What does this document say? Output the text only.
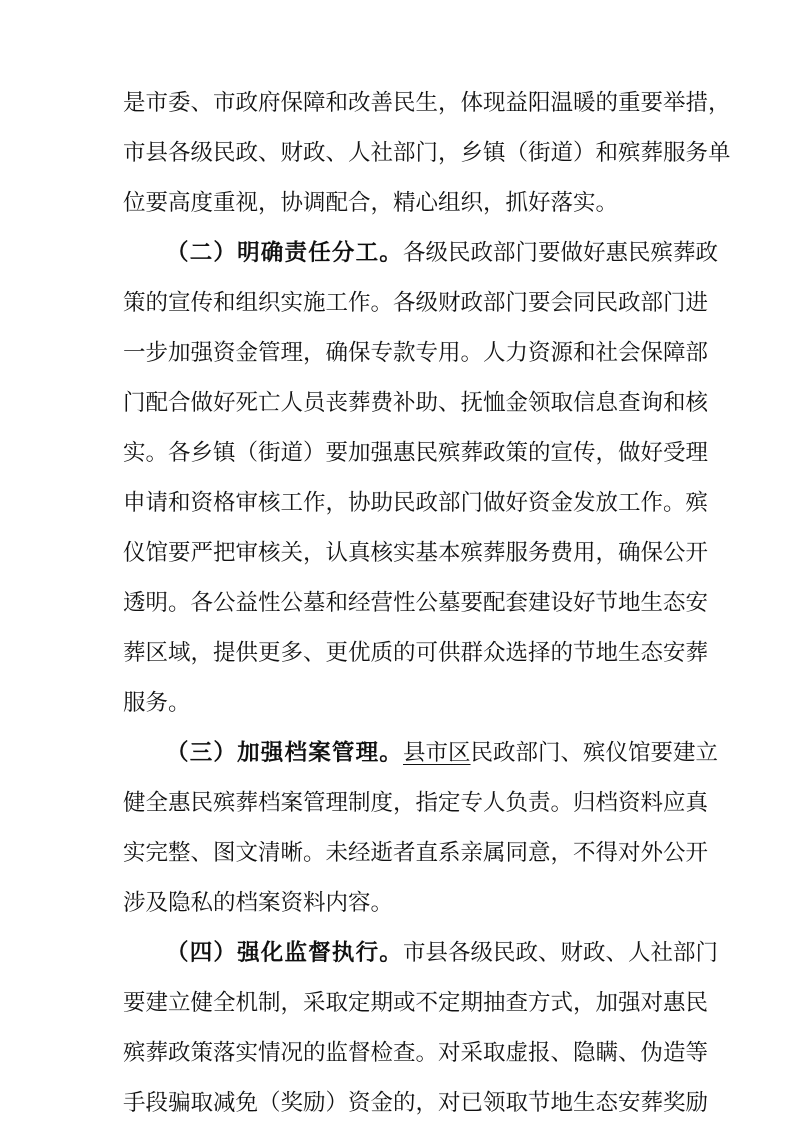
是市委、市政府保障和改善民生，体现益阳温暖的重要举措，
市县各级民政、财政、人社部门，乡镇（街道）和殡葬服务单
位要高度重视，协调配合，精心组织，抓好落实。
（二）明确责任分工。各级民政部门要做好惠民殡葬政
策的宣传和组织实施工作。各级财政部门要会同民政部门进
一步加强资金管理，确保专款专用。人力资源和社会保障部
门配合做好死亡人员丧葬费补助、抚恤金领取信息查询和核
实。各乡镇（街道）要加强惠民殡葬政策的宣传，做好受理
申请和资格审核工作，协助民政部门做好资金发放工作。殡
仪馆要严把审核关，认真核实基本殡葬服务费用，确保公开
透明。各公益性公墓和经营性公墓要配套建设好节地生态安
葬区域，提供更多、更优质的可供群众选择的节地生态安葬
服务。
（三）加强档案管理。县市区民政部门、殡仪馆要建立
健全惠民殡葬档案管理制度，指定专人负责。归档资料应真
实完整、图文清晰。未经逝者直系亲属同意，不得对外公开
涉及隐私的档案资料内容。
（四）强化监督执行。市县各级民政、财政、人社部门
要建立健全机制，采取定期或不定期抽查方式，加强对惠民
殡葬政策落实情况的监督检查。对采取虚报、隐瞒、伪造等
手段骗取减免（奖励）资金的，对已领取节地生态安葬奖励
